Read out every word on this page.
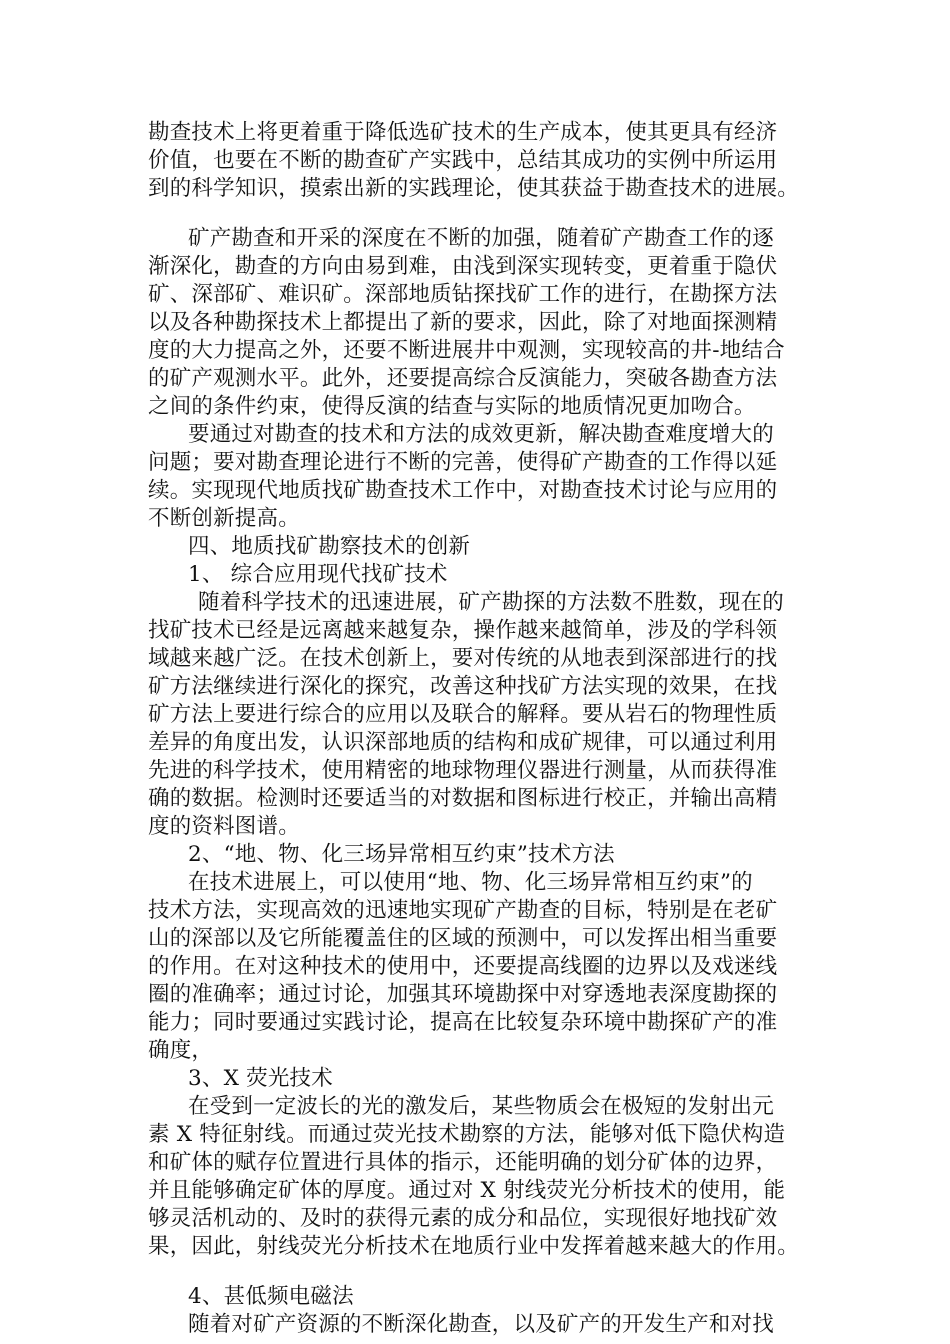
勘查技术上将更着重于降低选矿技术的生产成本，使其更具有经济

价值，也要在不断的勘查矿产实践中，总结其成功的实例中所运用

到的科学知识，摸索出新的实践理论，使其获益于勘查技术的进展。

矿产勘查和开采的深度在不断的加强，随着矿产勘查工作的逐

渐深化，勘查的方向由易到难，由浅到深实现转变，更着重于隐伏

矿、深部矿、难识矿。深部地质钻探找矿工作的进行，在勘探方法

以及各种勘探技术上都提出了新的要求，因此，除了对地面探测精

度的大力提高之外，还要不断进展井中观测，实现较高的井-地结合

的矿产观测水平。此外，还要提高综合反演能力，突破各勘查方法

之间的条件约束，使得反演的结查与实际的地质情况更加吻合。

要通过对勘查的技术和方法的成效更新，解决勘查难度增大的

问题；要对勘查理论进行不断的完善，使得矿产勘查的工作得以延

续。实现现代地质找矿勘查技术工作中，对勘查技术讨论与应用的

不断创新提高。

四、地质找矿勘察技术的创新

1、 综合应用现代找矿技术

随着科学技术的迅速进展，矿产勘探的方法数不胜数，现在的

找矿技术已经是远离越来越复杂，操作越来越简单，涉及的学科领

域越来越广泛。在技术创新上，要对传统的从地表到深部进行的找

矿方法继续进行深化的探究，改善这种找矿方法实现的效果，在找

矿方法上要进行综合的应用以及联合的解释。要从岩石的物理性质

差异的角度出发，认识深部地质的结构和成矿规律，可以通过利用

先进的科学技术，使用精密的地球物理仪器进行测量，从而获得准

确的数据。检测时还要适当的对数据和图标进行校正，并输出高精

度的资料图谱。

2、“地、物、化三场异常相互约束”技术方法

在技术进展上，可以使用“地、物、化三场异常相互约束”的

技术方法，实现高效的迅速地实现矿产勘查的目标，特别是在老矿

山的深部以及它所能覆盖住的区域的预测中，可以发挥出相当重要

的作用。在对这种技术的使用中，还要提高线圈的边界以及戏迷线

圈的准确率；通过讨论，加强其环境勘探中对穿透地表深度勘探的

能力；同时要通过实践讨论，提高在比较复杂环境中勘探矿产的准

确度，

3、X 荧光技术

在受到一定波长的光的激发后，某些物质会在极短的发射出元

素 X 特征射线。而通过荧光技术勘察的方法，能够对低下隐伏构造

和矿体的赋存位置进行具体的指示，还能明确的划分矿体的边界，

并且能够确定矿体的厚度。通过对 X 射线荧光分析技术的使用，能

够灵活机动的、及时的获得元素的成分和品位，实现很好地找矿效

果，因此，射线荧光分析技术在地质行业中发挥着越来越大的作用。

4、甚低频电磁法

随着对矿产资源的不断深化勘查，以及矿产的开发生产和对找
